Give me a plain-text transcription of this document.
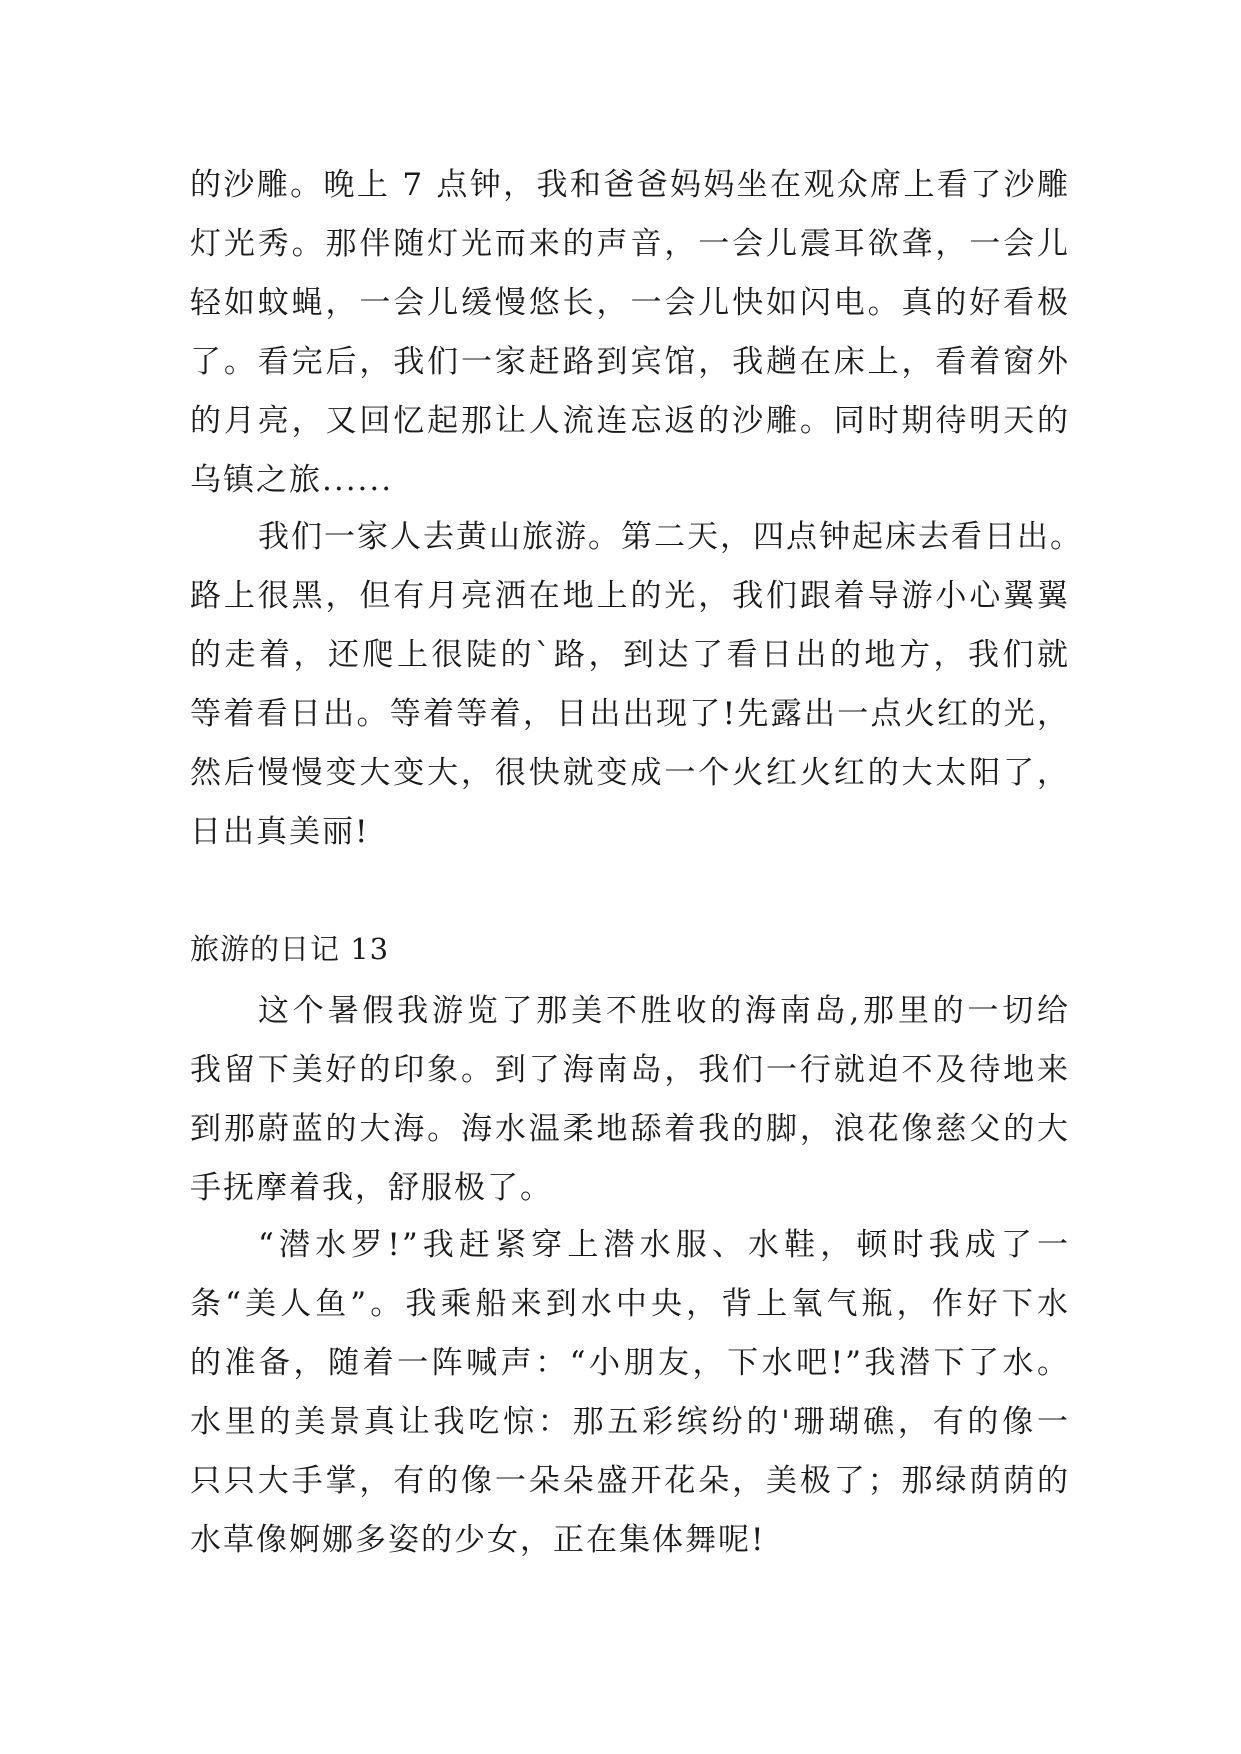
的沙雕。晚上 7 点钟，我和爸爸妈妈坐在观众席上看了沙雕
灯光秀。那伴随灯光而来的声音，一会儿震耳欲聋，一会儿
轻如蚊蝇，一会儿缓慢悠长，一会儿快如闪电。真的好看极
了。看完后，我们一家赶路到宾馆，我趟在床上，看着窗外
的月亮，又回忆起那让人流连忘返的沙雕。同时期待明天的
乌镇之旅......
我们一家人去黄山旅游。第二天，四点钟起床去看日出。
路上很黑，但有月亮洒在地上的光，我们跟着导游小心翼翼
的走着，还爬上很陡的`路，到达了看日出的地方，我们就
等着看日出。等着等着，日出出现了!先露出一点火红的光，
然后慢慢变大变大，很快就变成一个火红火红的大太阳了，
日出真美丽!
旅游的日记 13
这个暑假我游览了那美不胜收的海南岛,那里的一切给
我留下美好的印象。到了海南岛，我们一行就迫不及待地来
到那蔚蓝的大海。海水温柔地舔着我的脚，浪花像慈父的大
手抚摩着我，舒服极了。
“潜水罗!”我赶紧穿上潜水服、水鞋，顿时我成了一
条“美人鱼”。我乘船来到水中央，背上氧气瓶，作好下水
的准备，随着一阵喊声：“小朋友，下水吧!”我潜下了水。
水里的美景真让我吃惊：那五彩缤纷的'珊瑚礁，有的像一
只只大手掌，有的像一朵朵盛开花朵，美极了；那绿荫荫的
水草像婀娜多姿的少女，正在集体舞呢!
